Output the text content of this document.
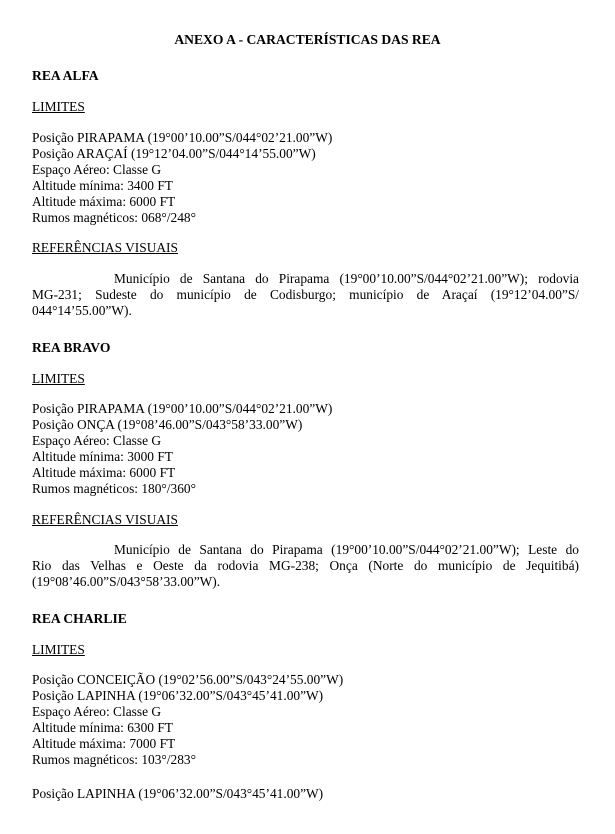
ANEXO A - CARACTERÍSTICAS DAS REA
REA ALFA
LIMITES
Posição PIRAPAMA (19°00’10.00”S/044°02’21.00”W)
Posição ARAÇAÍ (19°12’04.00”S/044°14’55.00”W)
Espaço Aéreo: Classe G
Altitude mínima: 3400 FT
Altitude máxima: 6000 FT
Rumos magnéticos: 068°/248°
REFERÊNCIAS VISUAIS
Município de Santana do Pirapama (19°00’10.00”S/044°02’21.00”W); rodovia
MG-231; Sudeste do município de Codisburgo; município de Araçaí (19°12’04.00”S/
044°14’55.00”W).
REA BRAVO
LIMITES
Posição PIRAPAMA (19°00’10.00”S/044°02’21.00”W)
Posição ONÇA (19°08’46.00”S/043°58’33.00”W)
Espaço Aéreo: Classe G
Altitude mínima: 3000 FT
Altitude máxima: 6000 FT
Rumos magnéticos: 180°/360°
REFERÊNCIAS VISUAIS
Município de Santana do Pirapama (19°00’10.00”S/044°02’21.00”W); Leste do
Rio das Velhas e Oeste da rodovia MG-238; Onça (Norte do município de Jequitibá)
(19°08’46.00”S/043°58’33.00”W).
REA CHARLIE
LIMITES
Posição CONCEIÇÃO (19°02’56.00”S/043°24’55.00”W)
Posição LAPINHA (19°06’32.00”S/043°45’41.00”W)
Espaço Aéreo: Classe G
Altitude mínima: 6300 FT
Altitude máxima: 7000 FT
Rumos magnéticos: 103°/283°
Posição LAPINHA (19°06’32.00”S/043°45’41.00”W)
